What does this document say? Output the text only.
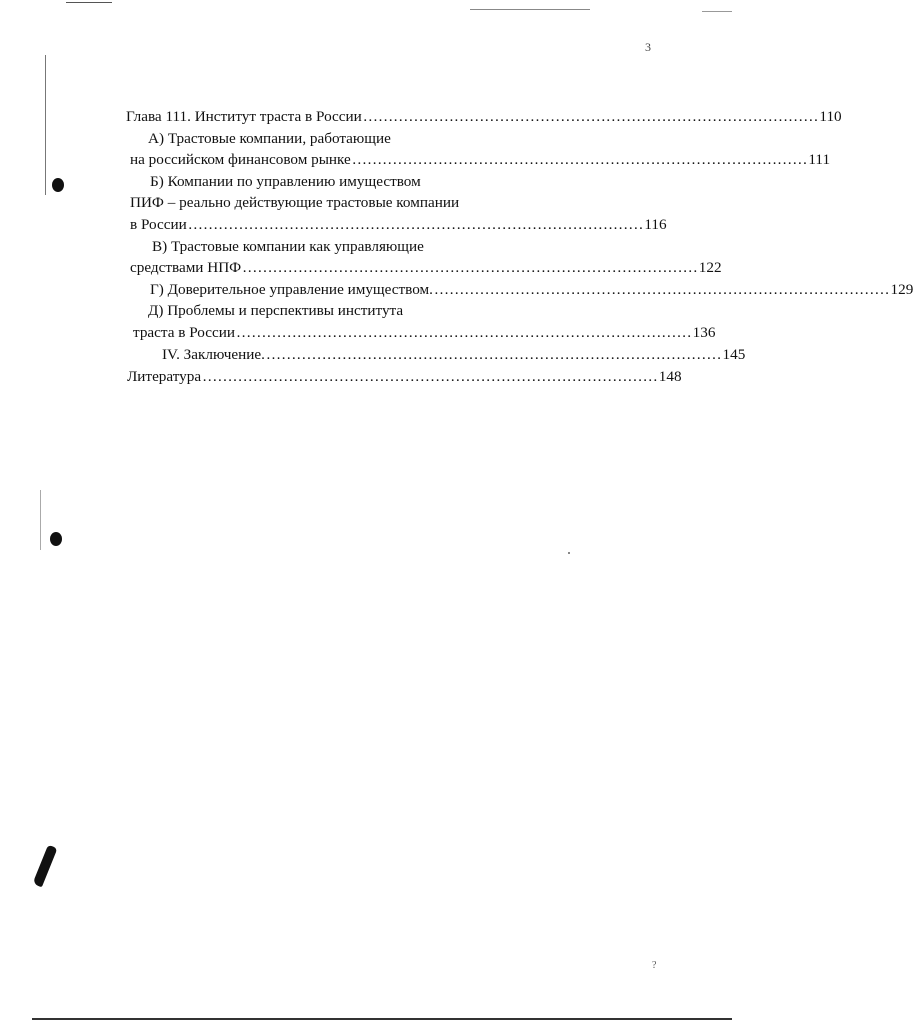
3
?
Глава 111. Институт траста в России ……………………………………………………………………………… 110
А) Трастовые компании, работающие
на российском финансовом рынке ……………………………………………………………………………… 111
Б) Компании по управлению имуществом
ПИФ – реально действующие трастовые компании
в России ……………………………………………………………………………… 116
В) Трастовые компании как управляющие
средствами НПФ ……………………………………………………………………………… 122
Г) Доверительное управление имуществом. ……………………………………………………………………………… 129
Д) Проблемы и перспективы института
траста в России ……………………………………………………………………………… 136
IV. Заключение. ……………………………………………………………………………… 145
Литература ……………………………………………………………………………… 148
